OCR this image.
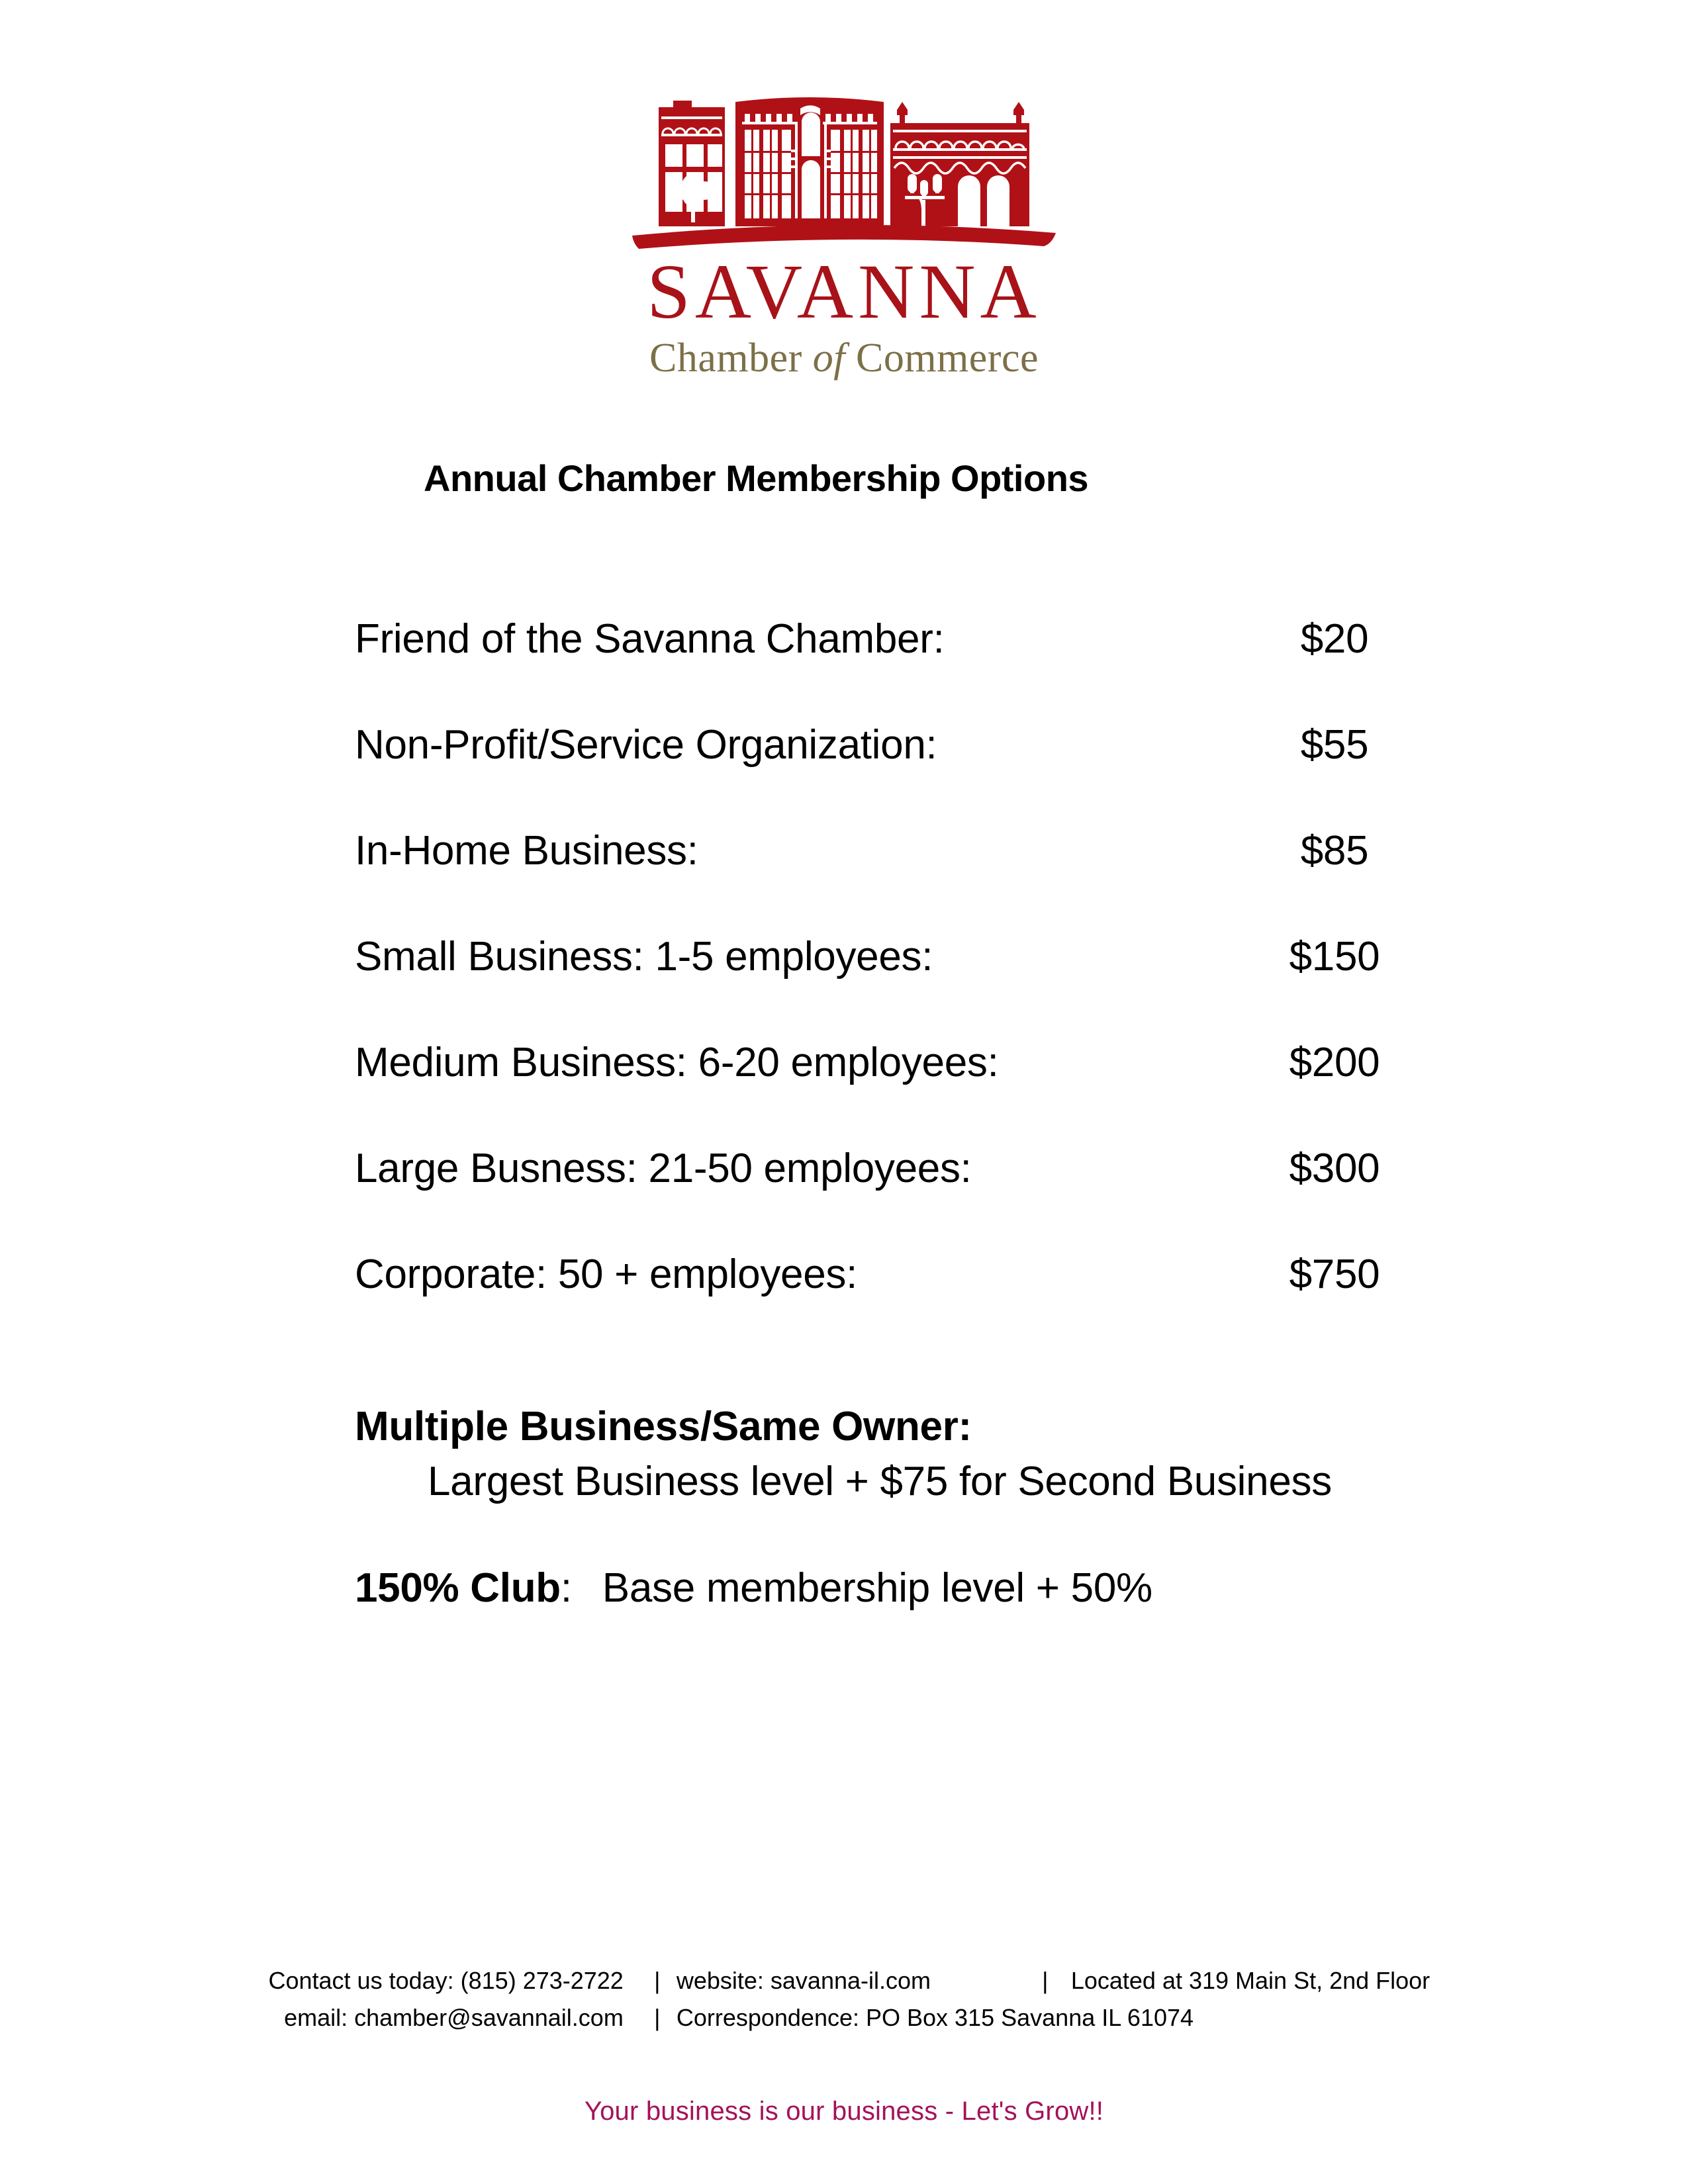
SAVANNA
Chamber of Commerce
Annual Chamber Membership Options
Friend of the Savanna Chamber:	$20
Non-Profit/Service Organization:	$55
In-Home Business:	$85
Small Business: 1-5 employees:	$150
Medium Business: 6-20 employees:	$200
Large Busness: 21-50 employees:	$300
Corporate: 50 + employees:	$750
Multiple Business/Same Owner:
Largest Business level + $75 for Second Business
150% Club: Base membership level + 50%
Contact us today: (815) 273-2722	| website: savanna-il.com	| Located at 319 Main St, 2nd Floor
email: chamber@savannail.com	| Correspondence: PO Box 315 Savanna IL 61074
Your business is our business - Let's Grow!!
